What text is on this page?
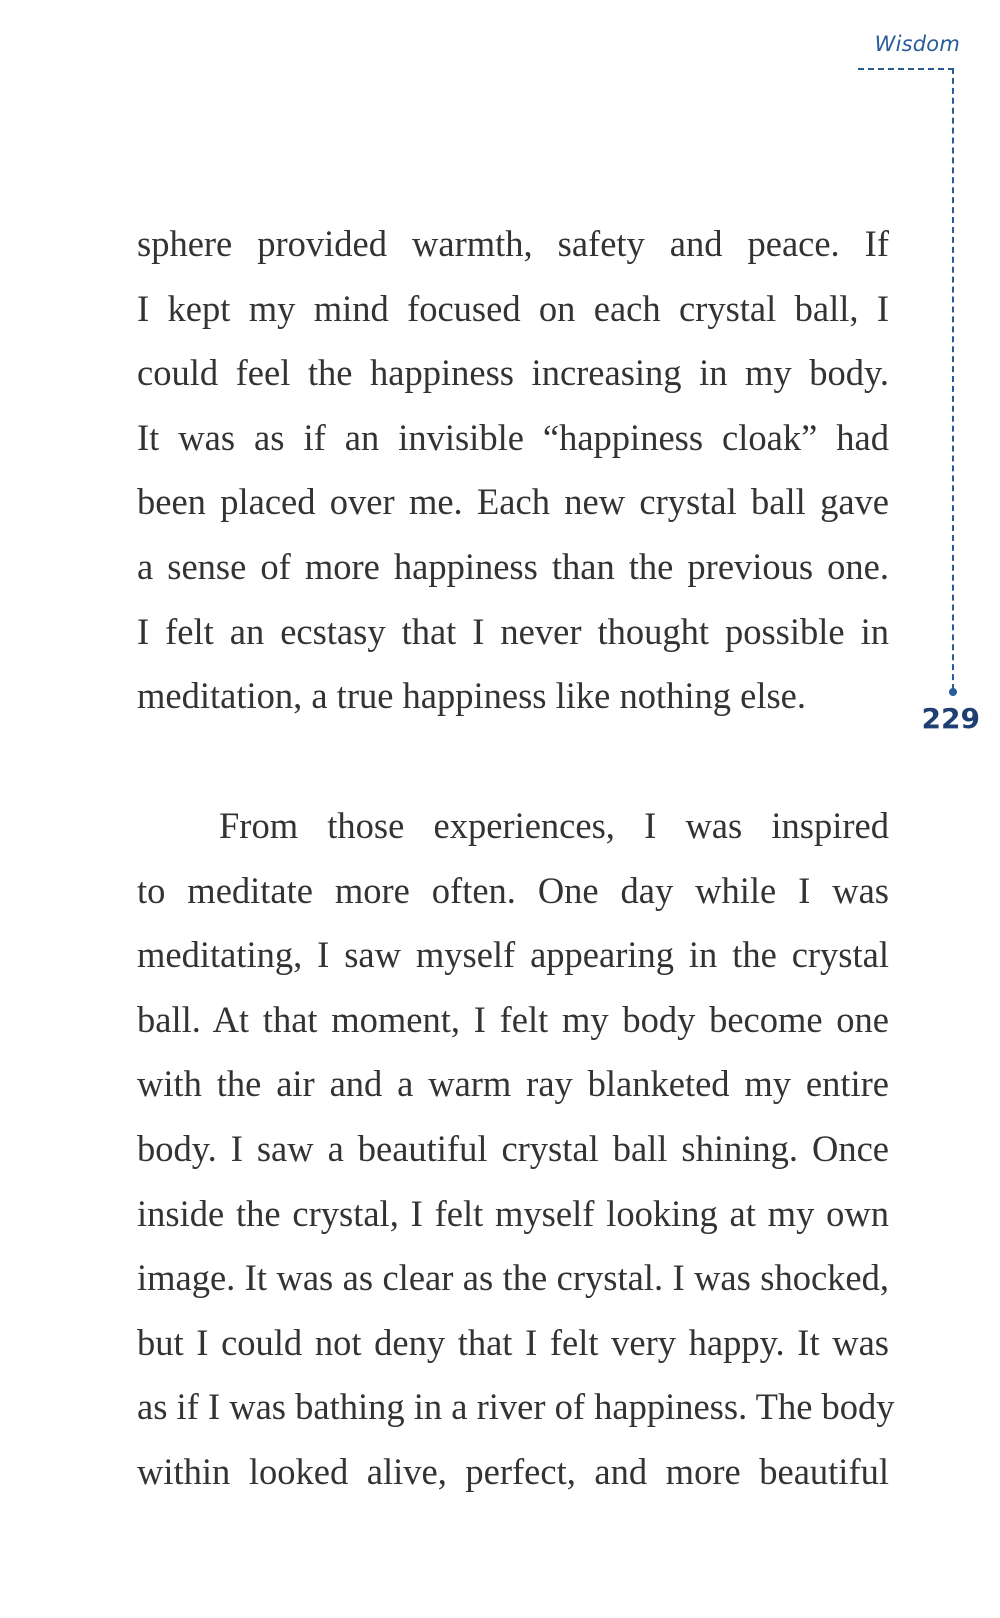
Wisdom
229
sphere provided warmth, safety and peace. If
I kept my mind focused on each crystal ball, I
could feel the happiness increasing in my body.
It was as if an invisible “happiness cloak” had
been placed over me. Each new crystal ball gave
a sense of more happiness than the previous one.
I felt an ecstasy that I never thought possible in
meditation, a true happiness like nothing else.
From those experiences, I was inspired
to meditate more often. One day while I was
meditating, I saw myself appearing in the crystal
ball. At that moment, I felt my body become one
with the air and a warm ray blanketed my entire
body. I saw a beautiful crystal ball shining. Once
inside the crystal, I felt myself looking at my own
image. It was as clear as the crystal. I was shocked,
but I could not deny that I felt very happy. It was
as if I was bathing in a river of happiness. The body
within looked alive, perfect, and more beautiful
